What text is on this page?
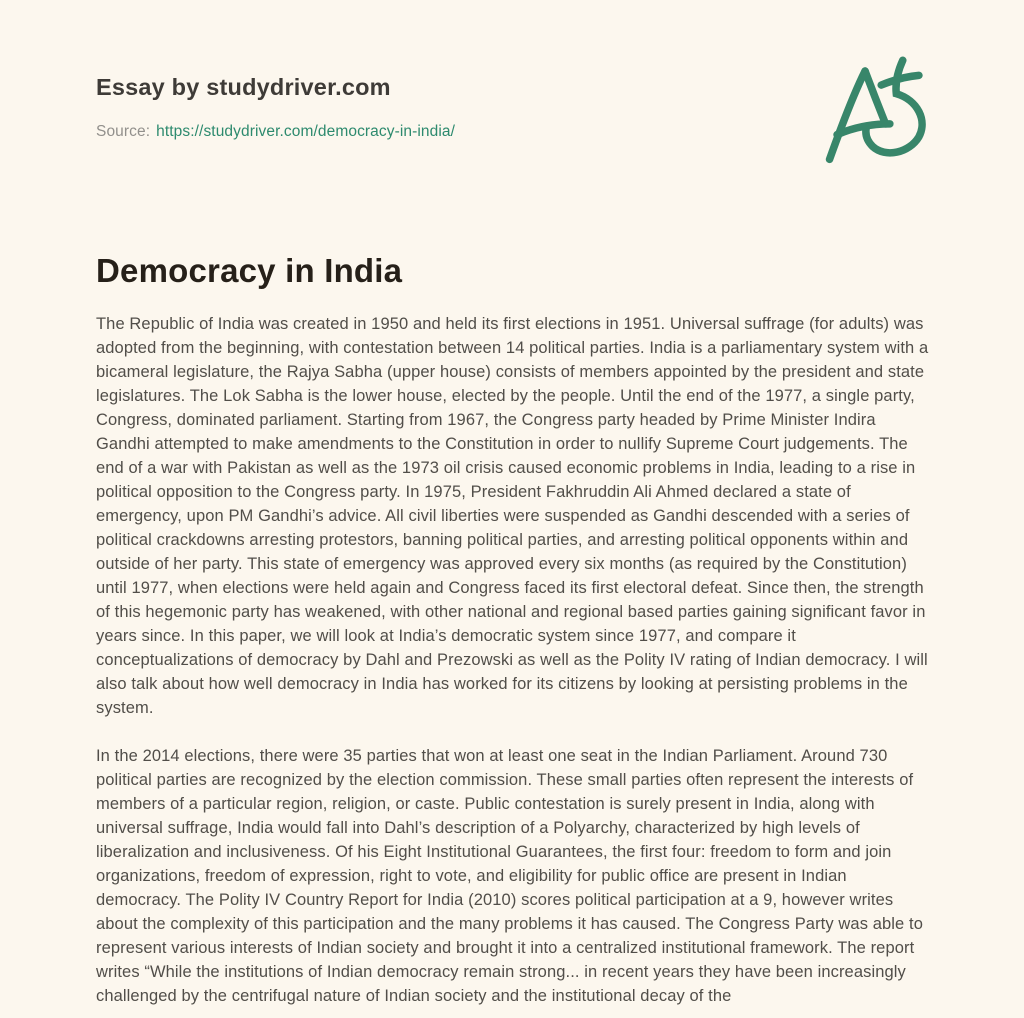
Essay by studydriver.com
Source: https://studydriver.com/democracy-in-india/
Democracy in India

The Republic of India was created in 1950 and held its first elections in 1951. Universal suffrage (for adults) was adopted from the beginning, with contestation between 14 political parties. India is a parliamentary system with a bicameral legislature, the Rajya Sabha (upper house) consists of members appointed by the president and state legislatures. The Lok Sabha is the lower house, elected by the people. Until the end of the 1977, a single party, Congress, dominated parliament. Starting from 1967, the Congress party headed by Prime Minister Indira Gandhi attempted to make amendments to the Constitution in order to nullify Supreme Court judgements. The end of a war with Pakistan as well as the 1973 oil crisis caused economic problems in India, leading to a rise in political opposition to the Congress party. In 1975, President Fakhruddin Ali Ahmed declared a state of emergency, upon PM Gandhi’s advice. All civil liberties were suspended as Gandhi descended with a series of political crackdowns arresting protestors, banning political parties, and arresting political opponents within and outside of her party. This state of emergency was approved every six months (as required by the Constitution) until 1977, when elections were held again and Congress faced its first electoral defeat. Since then, the strength of this hegemonic party has weakened, with other national and regional based parties gaining significant favor in years since. In this paper, we will look at India’s democratic system since 1977, and compare it conceptualizations of democracy by Dahl and Prezowski as well as the Polity IV rating of Indian democracy. I will also talk about how well democracy in India has worked for its citizens by looking at persisting problems in the system.

In the 2014 elections, there were 35 parties that won at least one seat in the Indian Parliament. Around 730 political parties are recognized by the election commission. These small parties often represent the interests of members of a particular region, religion, or caste. Public contestation is surely present in India, along with universal suffrage, India would fall into Dahl’s description of a Polyarchy, characterized by high levels of liberalization and inclusiveness. Of his Eight Institutional Guarantees, the first four: freedom to form and join organizations, freedom of expression, right to vote, and eligibility for public office are present in Indian democracy. The Polity IV Country Report for India (2010) scores political participation at a 9, however writes about the complexity of this participation and the many problems it has caused. The Congress Party was able to represent various interests of Indian society and brought it into a centralized institutional framework. The report writes “While the institutions of Indian democracy remain strong... in recent years they have been increasingly challenged by the centrifugal nature of Indian society and the institutional decay of the
